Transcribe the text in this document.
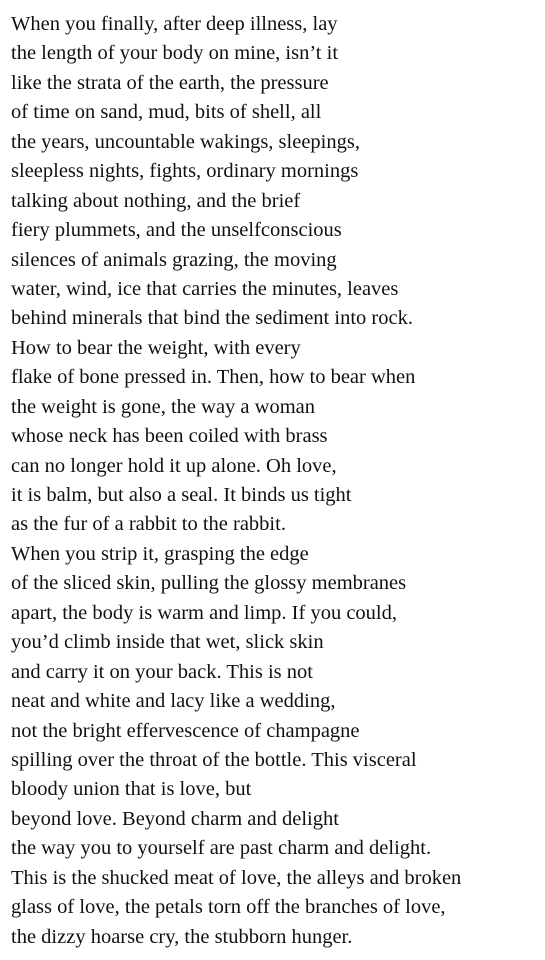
When you finally, after deep illness, lay
the length of your body on mine, isn’t it
like the strata of the earth, the pressure
of time on sand, mud, bits of shell, all
the years, uncountable wakings, sleepings,
sleepless nights, fights, ordinary mornings
talking about nothing, and the brief
fiery plummets, and the unselfconscious
silences of animals grazing, the moving
water, wind, ice that carries the minutes, leaves
behind minerals that bind the sediment into rock.
How to bear the weight, with every
flake of bone pressed in. Then, how to bear when
the weight is gone, the way a woman
whose neck has been coiled with brass
can no longer hold it up alone. Oh love,
it is balm, but also a seal. It binds us tight
as the fur of a rabbit to the rabbit.
When you strip it, grasping the edge
of the sliced skin, pulling the glossy membranes
apart, the body is warm and limp. If you could,
you’d climb inside that wet, slick skin
and carry it on your back. This is not
neat and white and lacy like a wedding,
not the bright effervescence of champagne
spilling over the throat of the bottle. This visceral
bloody union that is love, but
beyond love. Beyond charm and delight
the way you to yourself are past charm and delight.
This is the shucked meat of love, the alleys and broken
glass of love, the petals torn off the branches of love,
the dizzy hoarse cry, the stubborn hunger.
